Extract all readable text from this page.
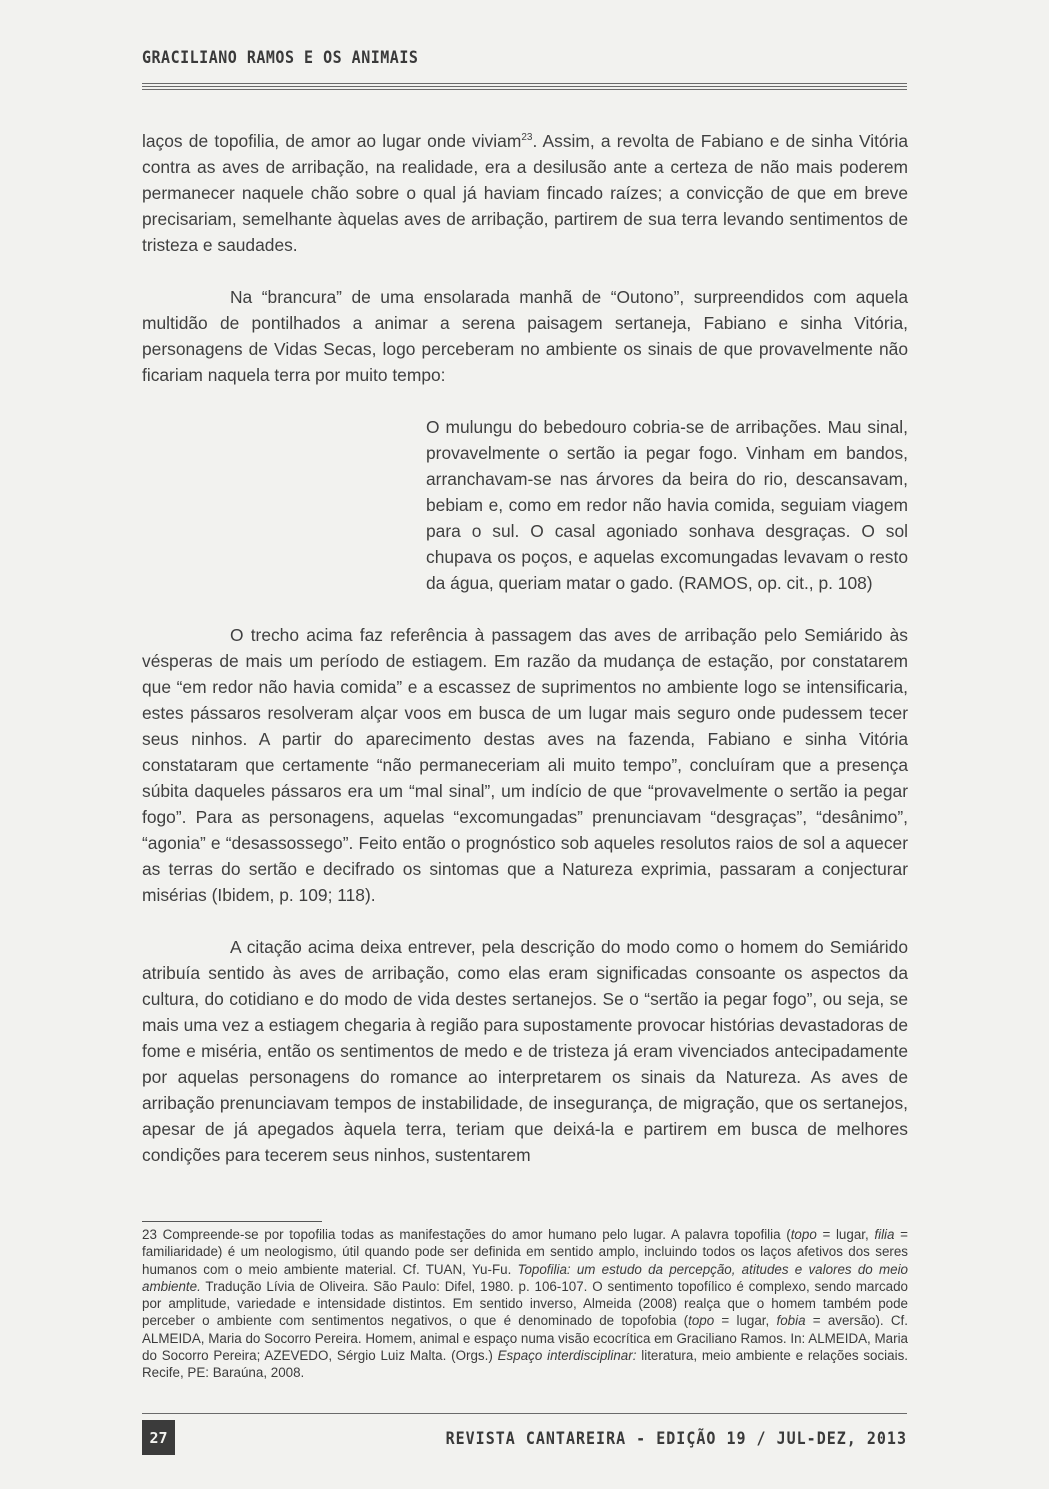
GRACILIANO RAMOS E OS ANIMAIS

laços de topofilia, de amor ao lugar onde viviam$^{23}$. Assim, a revolta de Fabiano e de sinha Vitória contra as aves de arribação, na realidade, era a desilusão ante a certeza de não mais poderem permanecer naquele chão sobre o qual já haviam fincado raízes; a convicção de que em breve precisariam, semelhante àquelas aves de arribação, partirem de sua terra levando sentimentos de tristeza e saudades.

Na “brancura” de uma ensolarada manhã de “Outono”, surpreendidos com aquela multidão de pontilhados a animar a serena paisagem sertaneja, Fabiano e sinha Vitória, personagens de Vidas Secas, logo perceberam no ambiente os sinais de que provavelmente não ficariam naquela terra por muito tempo:

O mulungu do bebedouro cobria-se de arribações. Mau sinal, provavelmente o sertão ia pegar fogo. Vinham em bandos, arranchavam-se nas árvores da beira do rio, descansavam, bebiam e, como em redor não havia comida, seguiam viagem para o sul. O casal agoniado sonhava desgraças. O sol chupava os poços, e aquelas excomungadas levavam o resto da água, queriam matar o gado. (RAMOS, op. cit., p. 108)

O trecho acima faz referência à passagem das aves de arribação pelo Semiárido às vésperas de mais um período de estiagem. Em razão da mudança de estação, por constatarem que “em redor não havia comida” e a escassez de suprimentos no ambiente logo se intensificaria, estes pássaros resolveram alçar voos em busca de um lugar mais seguro onde pudessem tecer seus ninhos. A partir do aparecimento destas aves na fazenda, Fabiano e sinha Vitória constataram que certamente “não permaneceriam ali muito tempo”, concluíram que a presença súbita daqueles pássaros era um “mal sinal”, um indício de que “provavelmente o sertão ia pegar fogo”. Para as personagens, aquelas “excomungadas” prenunciavam “desgraças”, “desânimo”, “agonia” e “desassossego”. Feito então o prognóstico sob aqueles resolutos raios de sol a aquecer as terras do sertão e decifrado os sintomas que a Natureza exprimia, passaram a conjecturar misérias (Ibidem, p. 109; 118).

A citação acima deixa entrever, pela descrição do modo como o homem do Semiárido atribuía sentido às aves de arribação, como elas eram significadas consoante os aspectos da cultura, do cotidiano e do modo de vida destes sertanejos. Se o “sertão ia pegar fogo”, ou seja, se mais uma vez a estiagem chegaria à região para supostamente provocar histórias devastadoras de fome e miséria, então os sentimentos de medo e de tristeza já eram vivenciados antecipadamente por aquelas personagens do romance ao interpretarem os sinais da Natureza. As aves de arribação prenunciavam tempos de instabilidade, de insegurança, de migração, que os sertanejos, apesar de já apegados àquela terra, teriam que deixá-la e partirem em busca de melhores condições para tecerem seus ninhos, sustentarem

23 Compreende-se por topofilia todas as manifestações do amor humano pelo lugar. A palavra topofilia (topo = lugar, filia = familiaridade) é um neologismo, útil quando pode ser definida em sentido amplo, incluindo todos os laços afetivos dos seres humanos com o meio ambiente material. Cf. TUAN, Yu-Fu. Topofilia: um estudo da percepção, atitudes e valores do meio ambiente. Tradução Lívia de Oliveira. São Paulo: Difel, 1980. p. 106-107. O sentimento topofílico é complexo, sendo marcado por amplitude, variedade e intensidade distintos. Em sentido inverso, Almeida (2008) realça que o homem também pode perceber o ambiente com sentimentos negativos, o que é denominado de topofobia (topo = lugar, fobia = aversão). Cf. ALMEIDA, Maria do Socorro Pereira. Homem, animal e espaço numa visão ecocrítica em Graciliano Ramos. In: ALMEIDA, Maria do Socorro Pereira; AZEVEDO, Sérgio Luiz Malta. (Orgs.) Espaço interdisciplinar: literatura, meio ambiente e relações sociais. Recife, PE: Baraúna, 2008.
27	REVISTA CANTAREIRA - EDIÇÃO 19 / JUL-DEZ, 2013
